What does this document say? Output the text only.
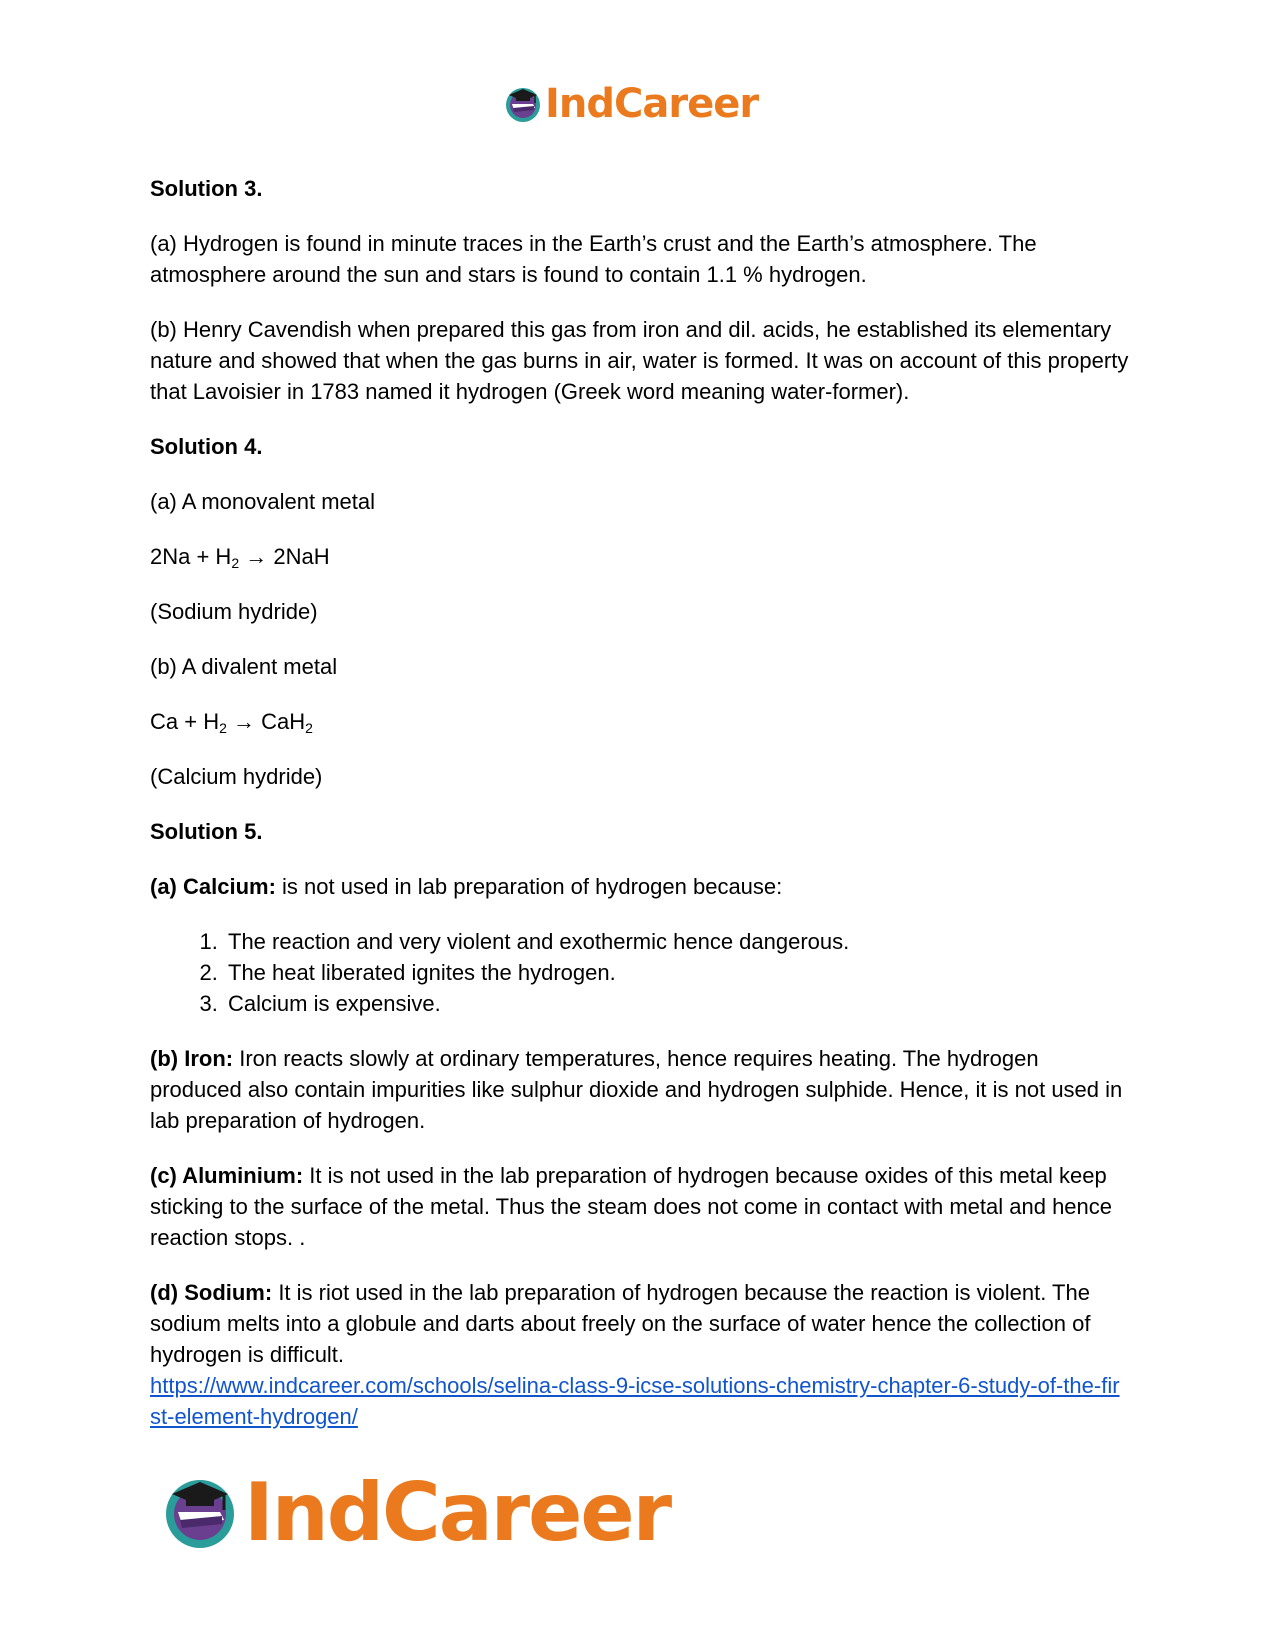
IndCareer
Solution 3.

(a) Hydrogen is found in minute traces in the Earth’s crust and the Earth’s atmosphere. The atmosphere around the sun and stars is found to contain 1.1 % hydrogen.

(b) Henry Cavendish when prepared this gas from iron and dil. acids, he established its elementary nature and showed that when the gas burns in air, water is formed. It was on account of this property that Lavoisier in 1783 named it hydrogen (Greek word meaning water-former).

Solution 4.

(a) A monovalent metal

$2Na + H_2 \to 2NaH$

(Sodium hydride)

(b) A divalent metal

$Ca + H_2 \to CaH_2$

(Calcium hydride)

Solution 5.

(a) Calcium: is not used in lab preparation of hydrogen because:

1. The reaction and very violent and exothermic hence dangerous.
2. The heat liberated ignites the hydrogen.
3. Calcium is expensive.

(b) Iron: Iron reacts slowly at ordinary temperatures, hence requires heating. The hydrogen produced also contain impurities like sulphur dioxide and hydrogen sulphide. Hence, it is not used in lab preparation of hydrogen.

(c) Aluminium: It is not used in the lab preparation of hydrogen because oxides of this metal keep sticking to the surface of the metal. Thus the steam does not come in contact with metal and hence reaction stops. .

(d) Sodium: It is riot used in the lab preparation of hydrogen because the reaction is violent. The sodium melts into a globule and darts about freely on the surface of water hence the collection of hydrogen is difficult.

https://www.indcareer.com/schools/selina-class-9-icse-solutions-chemistry-chapter-6-study-of-the-first-element-hydrogen/
IndCareer
